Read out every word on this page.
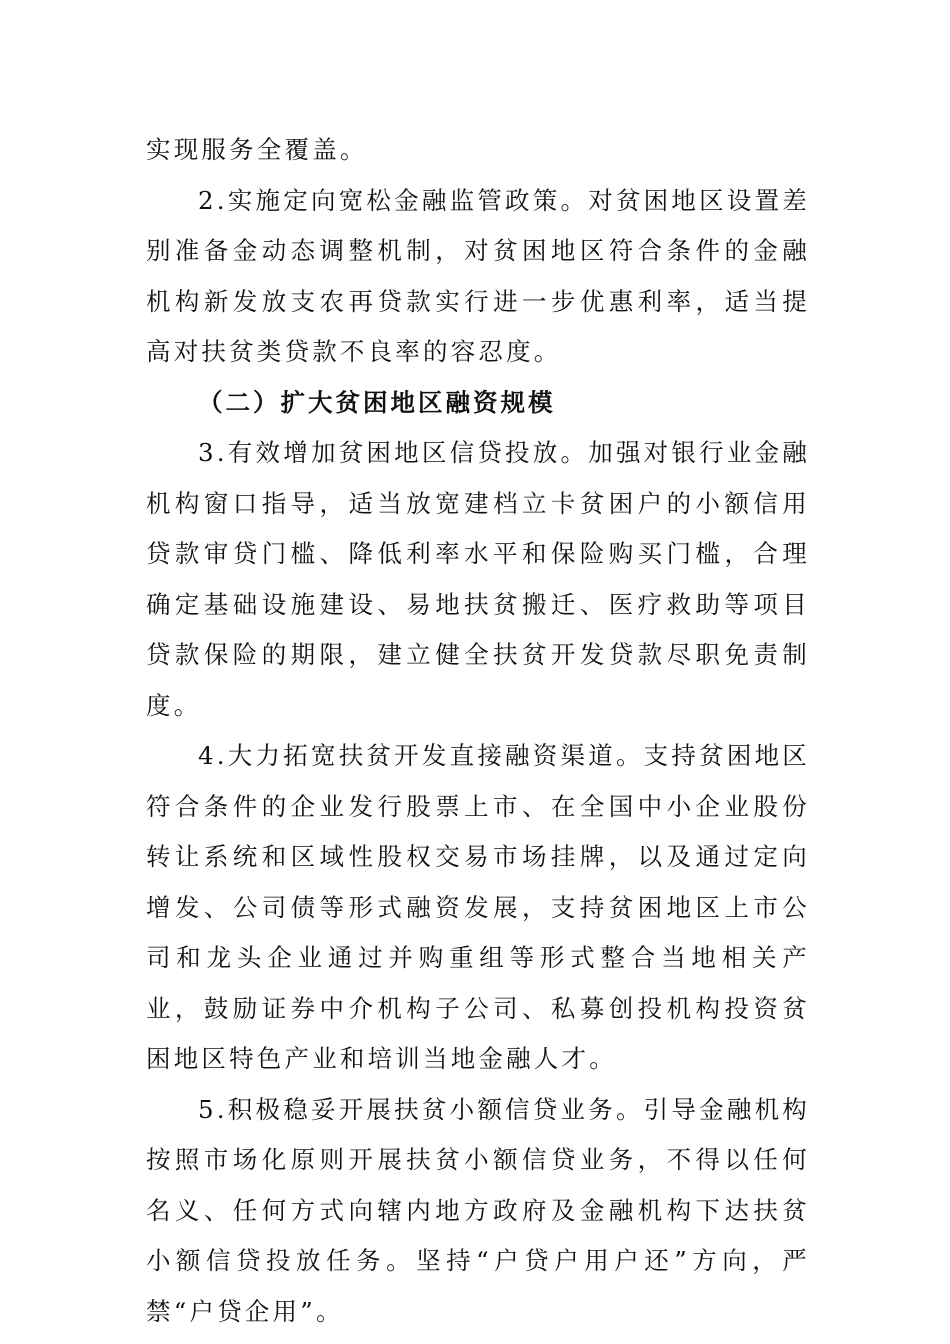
实现服务全覆盖。

2.实施定向宽松金融监管政策。对贫困地区设置差别准备金动态调整机制，对贫困地区符合条件的金融机构新发放支农再贷款实行进一步优惠利率，适当提高对扶贫类贷款不良率的容忍度。

（二）扩大贫困地区融资规模

3.有效增加贫困地区信贷投放。加强对银行业金融机构窗口指导，适当放宽建档立卡贫困户的小额信用贷款审贷门槛、降低利率水平和保险购买门槛，合理确定基础设施建设、易地扶贫搬迁、医疗救助等项目贷款保险的期限，建立健全扶贫开发贷款尽职免责制度。

4.大力拓宽扶贫开发直接融资渠道。支持贫困地区符合条件的企业发行股票上市、在全国中小企业股份转让系统和区域性股权交易市场挂牌，以及通过定向增发、公司债等形式融资发展，支持贫困地区上市公司和龙头企业通过并购重组等形式整合当地相关产业，鼓励证券中介机构子公司、私募创投机构投资贫困地区特色产业和培训当地金融人才。

5.积极稳妥开展扶贫小额信贷业务。引导金融机构按照市场化原则开展扶贫小额信贷业务，不得以任何名义、任何方式向辖内地方政府及金融机构下达扶贫小额信贷投放任务。坚持“户贷户用户还”方向，严禁“户贷企用”。
